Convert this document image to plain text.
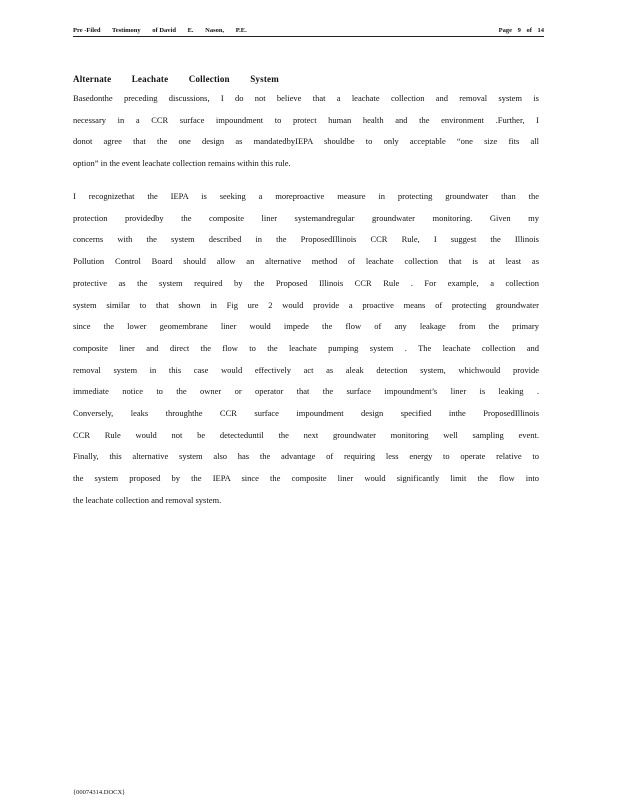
Pre -Filed Testimony of David E. Nason, P.E.	Page 9 of 14
Alternate Leachate Collection System
Basedonthe preceding discussions, I do not believe that a leachate collection and removal system is
necessary in a CCR surface impoundment to protect human health and the environment .Further, I
donot agree that the one design as mandatedbyIEPA shouldbe to only acceptable “one size fits all
option” in the event leachate collection remains within this rule.
I recognizethat the IEPA is seeking a moreproactive measure in protecting groundwater than the
protection providedby the composite liner systemandregular groundwater monitoring. Given my
concerns with the system described in the ProposedIllinois CCR Rule, I suggest the Illinois
Pollution Control Board should allow an alternative method of leachate collection that is at least as
protective as the system required by the Proposed Illinois CCR Rule . For example, a collection
system similar to that shown in Fig ure 2 would provide a proactive means of protecting groundwater
since the lower geomembrane liner would impede the flow of any leakage from the primary
composite liner and direct the flow to the leachate pumping system . The leachate collection and
removal system in this case would effectively act as aleak detection system, whichwould provide
immediate notice to the owner or operator that the surface impoundment’s liner is leaking .
Conversely, leaks throughthe CCR surface impoundment design specified inthe ProposedIllinois
CCR Rule would not be detecteduntil the next groundwater monitoring well sampling event.
Finally, this alternative system also has the advantage of requiring less energy to operate relative to
the system proposed by the IEPA since the composite liner would significantly limit the flow into
the leachate collection and removal system.
{00074314.DOCX}
